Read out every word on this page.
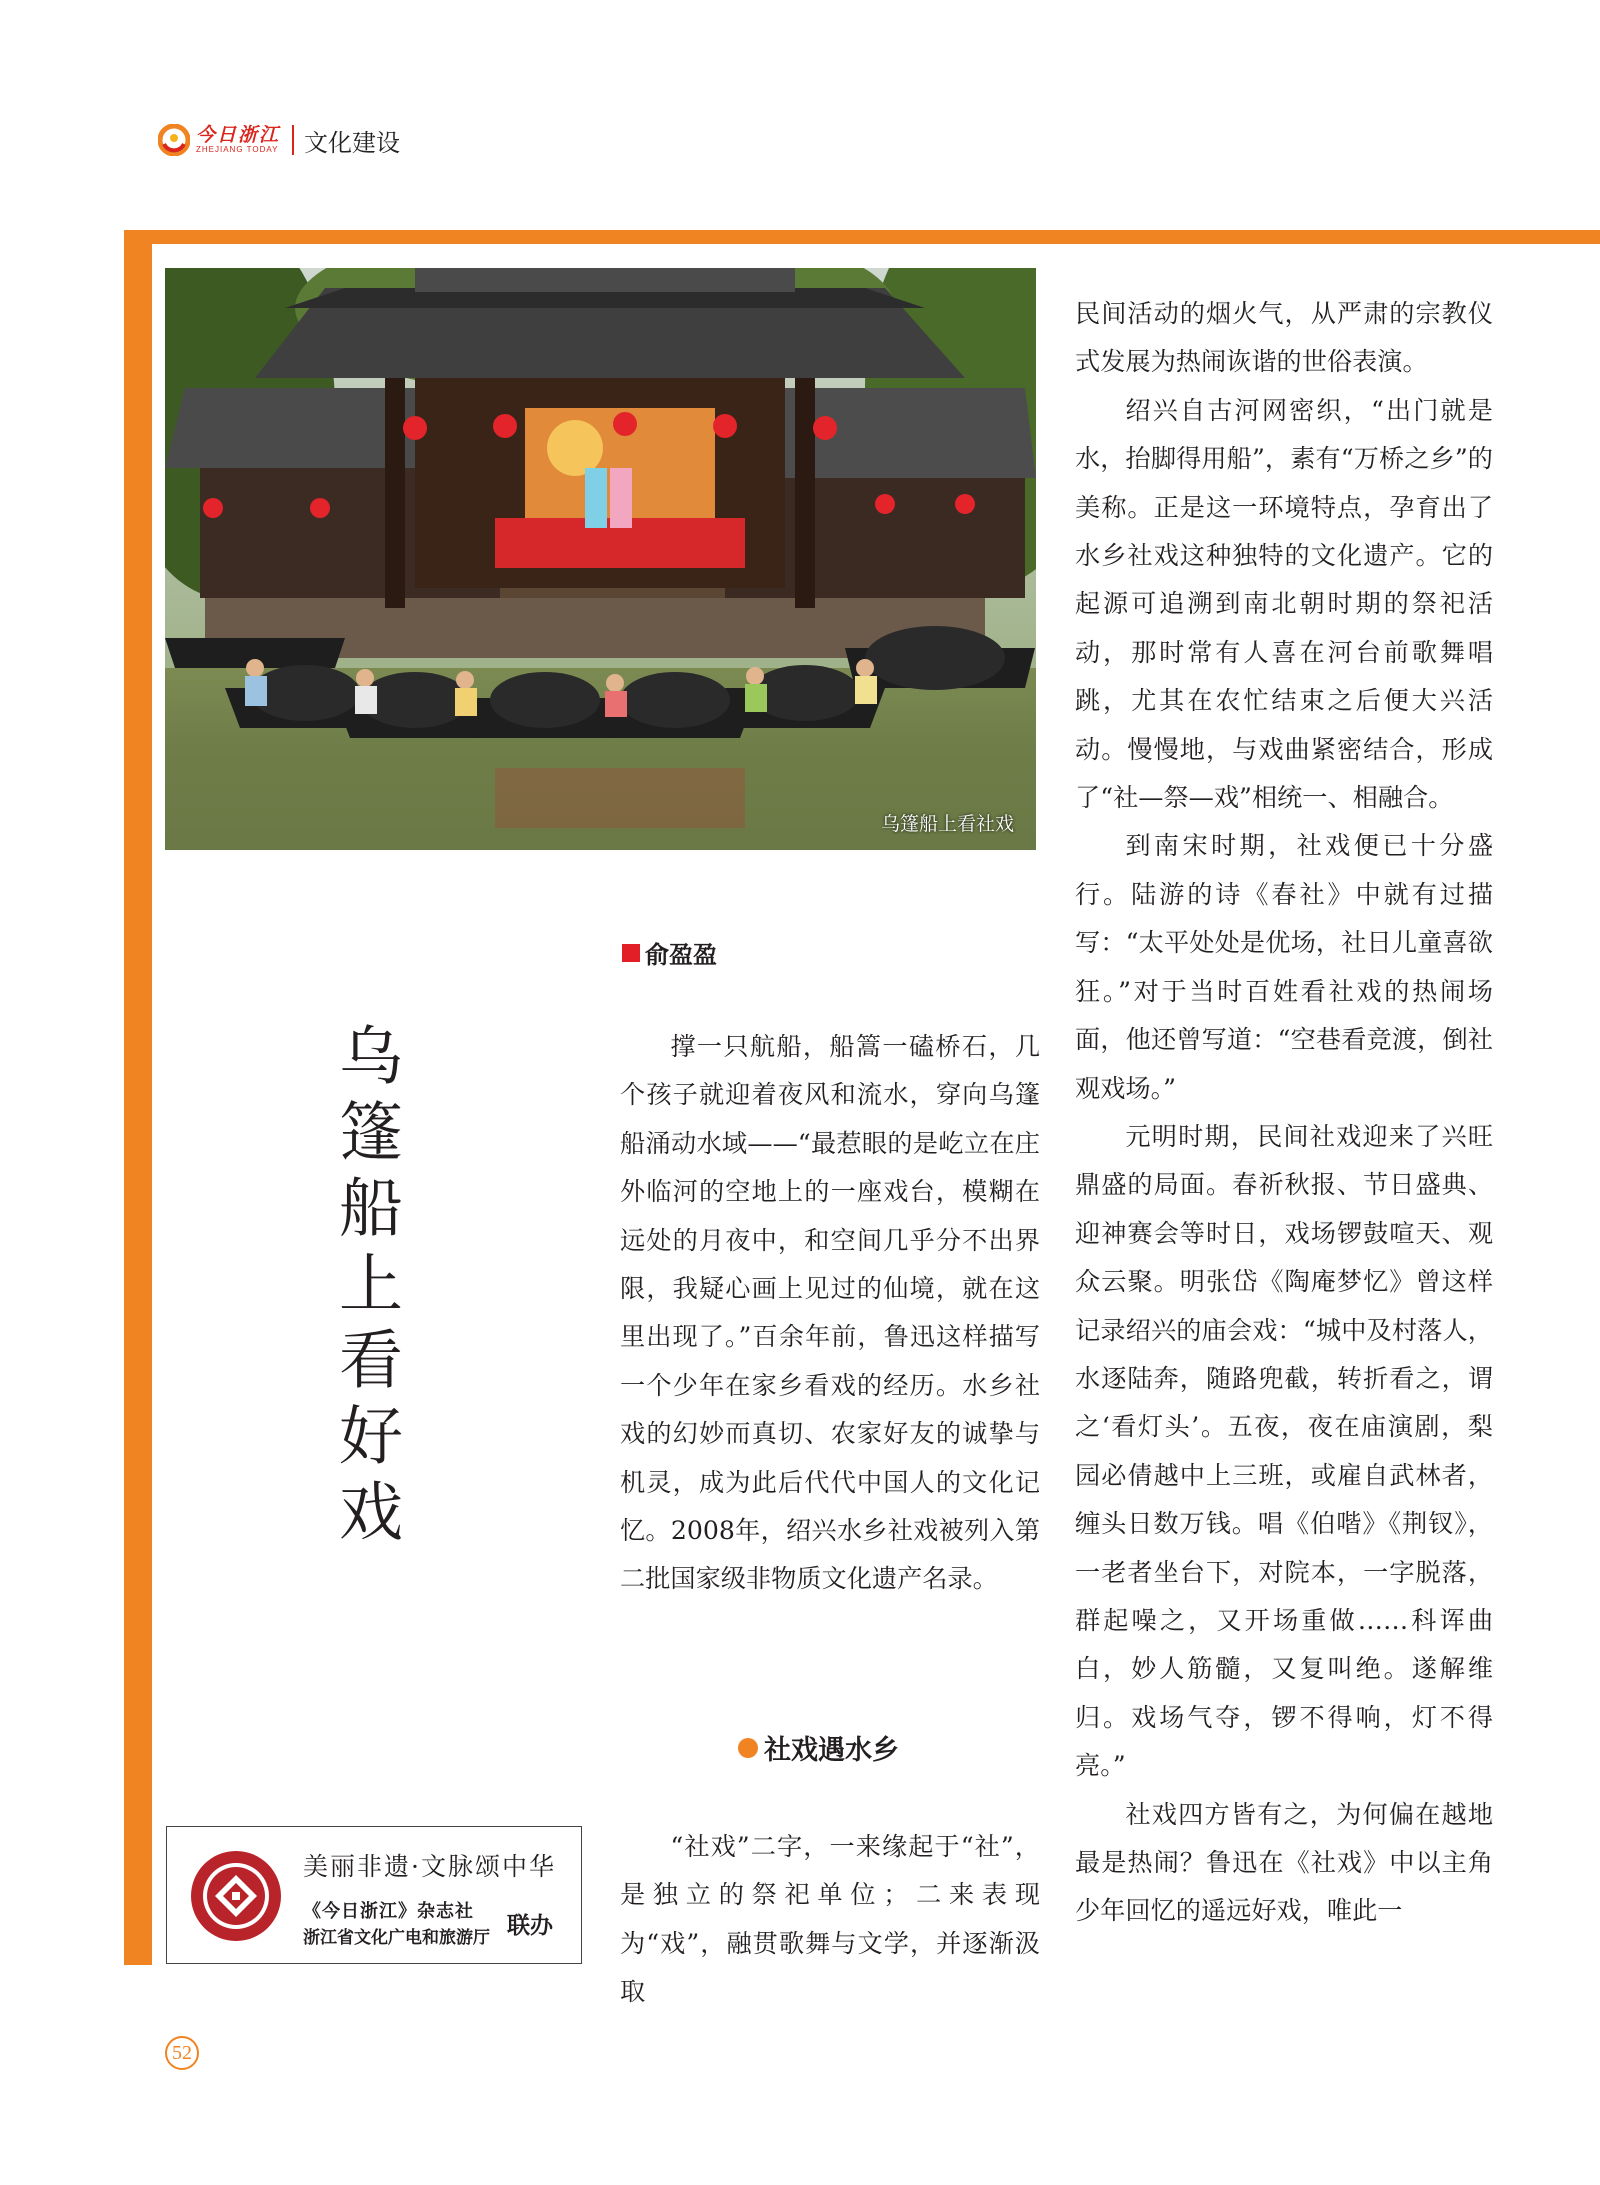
今日浙江
ZHEJIANG TODAY 文化建设
乌篷船上看社戏
乌篷船上看好戏
俞盈盈

撑一只航船，船篙一磕桥石，几个孩子就迎着夜风和流水，穿向乌篷船涌动水域——“最惹眼的是屹立在庄外临河的空地上的一座戏台，模糊在远处的月夜中，和空间几乎分不出界限，我疑心画上见过的仙境，就在这里出现了。”百余年前，鲁迅这样描写一个少年在家乡看戏的经历。水乡社戏的幻妙而真切、农家好友的诚挚与机灵，成为此后代代中国人的文化记忆。2008年，绍兴水乡社戏被列入第二批国家级非物质文化遗产名录。

社戏遇水乡

“社戏”二字，一来缘起于“社”，是独立的祭祀单位；二来表现为“戏”，融贯歌舞与文学，并逐渐汲取

民间活动的烟火气，从严肃的宗教仪式发展为热闹诙谐的世俗表演。

绍兴自古河网密织，“出门就是水，抬脚得用船”，素有“万桥之乡”的美称。正是这一环境特点，孕育出了水乡社戏这种独特的文化遗产。它的起源可追溯到南北朝时期的祭祀活动，那时常有人喜在河台前歌舞唱跳，尤其在农忙结束之后便大兴活动。慢慢地，与戏曲紧密结合，形成了“社—祭—戏”相统一、相融合。

到南宋时期，社戏便已十分盛行。陆游的诗《春社》中就有过描写：“太平处处是优场，社日儿童喜欲狂。”对于当时百姓看社戏的热闹场面，他还曾写道：“空巷看竞渡，倒社观戏场。”

元明时期，民间社戏迎来了兴旺鼎盛的局面。春祈秋报、节日盛典、迎神赛会等时日，戏场锣鼓喧天、观众云聚。明张岱《陶庵梦忆》曾这样记录绍兴的庙会戏：“城中及村落人，水逐陆奔，随路兜截，转折看之，谓之‘看灯头’。五夜，夜在庙演剧，梨园必倩越中上三班，或雇自武林者，缠头日数万钱。唱《伯喈》《荆钗》，一老者坐台下，对院本，一字脱落，群起噪之，又开场重做……科诨曲白，妙人筋髓，又复叫绝。遂解维归。戏场气夺，锣不得响，灯不得亮。”

社戏四方皆有之，为何偏在越地最是热闹？鲁迅在《社戏》中以主角少年回忆的遥远好戏，唯此一

美丽非遗·文脉颂中华
《今日浙江》杂志社
浙江省文化广电和旅游厅 联办
52
